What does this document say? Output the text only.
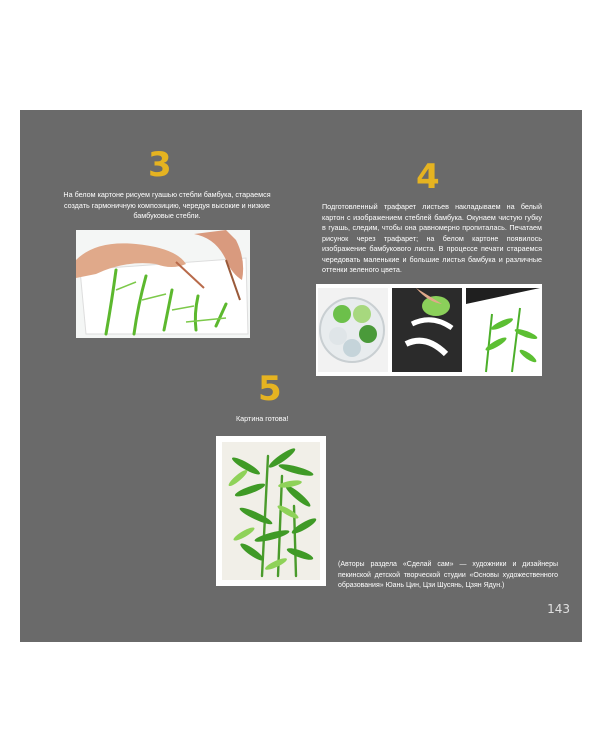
3

На белом картоне рисуем гуашью стебли бамбука, стараемся создать гармоничную композицию, чередуя высокие и низкие бамбуковые стебли.

4

Подготовленный трафарет листьев накладываем на белый картон с изображением стеблей бамбука. Окунаем чистую губку в гуашь, следим, чтобы она равномерно пропиталась. Печатаем рисунок через трафарет; на белом картоне появилось изображение бамбукового листа. В процессе печати стараемся чередовать маленькие и большие листья бамбука и различные оттенки зеленого цвета.

5

Картина готова!

(Авторы раздела «Сделай сам» — художники и дизайнеры пекинской детской творческой студии «Основы художественного образования» Юань Цин, Цзи Шусянь, Цзян Ядун.)

143
